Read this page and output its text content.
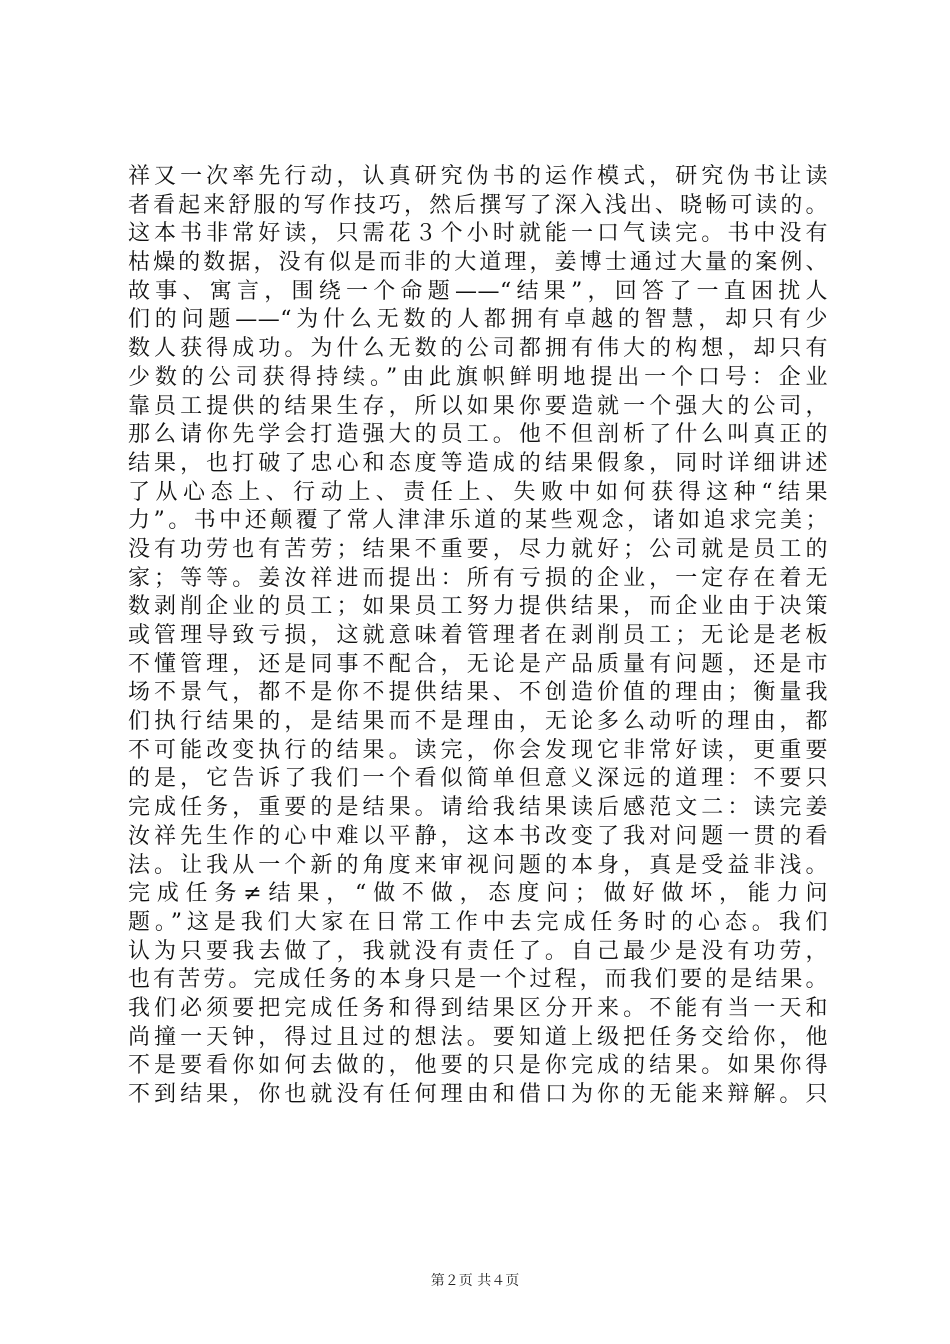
祥又一次率先行动，认真研究伪书的运作模式，研究伪书让读
者看起来舒服的写作技巧，然后撰写了深入浅出、晓畅可读的。
这本书非常好读，只需花３个小时就能一口气读完。书中没有
枯燥的数据，没有似是而非的大道理，姜博士通过大量的案例、
故事、寓言，围绕一个命题——“结果”，回答了一直困扰人
们的问题——“为什么无数的人都拥有卓越的智慧，却只有少
数人获得成功。为什么无数的公司都拥有伟大的构想，却只有
少数的公司获得持续。”由此旗帜鲜明地提出一个口号：企业
靠员工提供的结果生存，所以如果你要造就一个强大的公司，
那么请你先学会打造强大的员工。他不但剖析了什么叫真正的
结果，也打破了忠心和态度等造成的结果假象，同时详细讲述
了从心态上、行动上、责任上、失败中如何获得这种“结果
力”。书中还颠覆了常人津津乐道的某些观念，诸如追求完美；
没有功劳也有苦劳；结果不重要，尽力就好；公司就是员工的
家；等等。姜汝祥进而提出：所有亏损的企业，一定存在着无
数剥削企业的员工；如果员工努力提供结果，而企业由于决策
或管理导致亏损，这就意味着管理者在剥削员工；无论是老板
不懂管理，还是同事不配合，无论是产品质量有问题，还是市
场不景气，都不是你不提供结果、不创造价值的理由；衡量我
们执行结果的，是结果而不是理由，无论多么动听的理由，都
不可能改变执行的结果。读完，你会发现它非常好读，更重要
的是，它告诉了我们一个看似简单但意义深远的道理：不要只
完成任务，重要的是结果。请给我结果读后感范文二：读完姜
汝祥先生作的心中难以平静，这本书改变了我对问题一贯的看
法。让我从一个新的角度来审视问题的本身，真是受益非浅。
完成任务≠结果，“做不做，态度问；做好做坏，能力问
题。”这是我们大家在日常工作中去完成任务时的心态。我们
认为只要我去做了，我就没有责任了。自己最少是没有功劳，
也有苦劳。完成任务的本身只是一个过程，而我们要的是结果。
我们必须要把完成任务和得到结果区分开来。不能有当一天和
尚撞一天钟，得过且过的想法。要知道上级把任务交给你，他
不是要看你如何去做的，他要的只是你完成的结果。如果你得
不到结果，你也就没有任何理由和借口为你的无能来辩解。只
第２页 共４页
